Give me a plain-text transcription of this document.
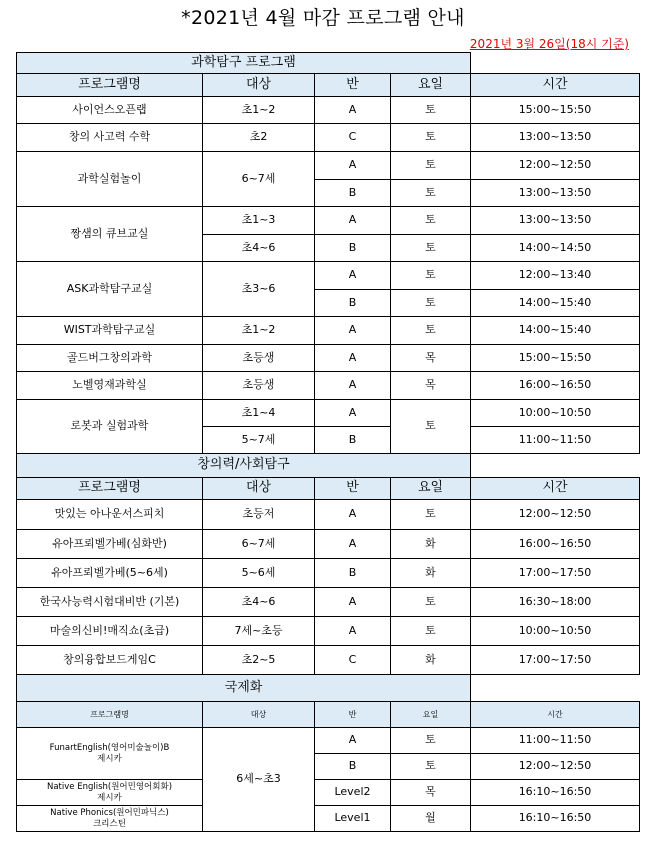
*2021년 4월 마감 프로그램 안내
2021년 3월 26일(18시 기준)
과학탐구 프로그램				
프로그램명	대상	반	요일	시간
사이언스오픈랩	초1~2	A	토	15:00~15:50
창의 사고력 수학	초2	C	토	13:00~13:50
과학실험놀이	6~7세	A	토	12:00~12:50
		B	토	13:00~13:50
짱샘의 큐브교실	초1~3	A	토	13:00~13:50
	초4~6	B	토	14:00~14:50
ASK과학탐구교실	초3~6	A	토	12:00~13:40
		B	토	14:00~15:40
WIST과학탐구교실	초1~2	A	토	14:00~15:40
골드버그창의과학	초등생	A	목	15:00~15:50
노벨영재과학실	초등생	A	목	16:00~16:50
로봇과 실험과학	초1~4	A	토	10:00~10:50
	5~7세	B		11:00~11:50
창의력/사회탐구				
프로그램명	대상	반	요일	시간
맛있는 아나운서스피치	초등저	A	토	12:00~12:50
유아프뢰벨가베(심화반)	6~7세	A	화	16:00~16:50
유아프뢰벨가베(5~6세)	5~6세	B	화	17:00~17:50
한국사능력시험대비반 (기본)	초4~6	A	토	16:30~18:00
마술의신비!매직쇼(초급)	7세~초등	A	토	10:00~10:50
창의융합보드게임C	초2~5	C	화	17:00~17:50
국제화				
프로그램명	대상	반	요일	시간

FunartEnglish(영어미술놀이)B
제시카	6세~초3	A	토	11:00~11:50
		B	토	12:00~12:50

Native English(원어민영어회화)
제시카		Level2	목	16:10~16:50

Native Phonics(원어민파닉스)
크리스틴		Level1	월	16:10~16:50
